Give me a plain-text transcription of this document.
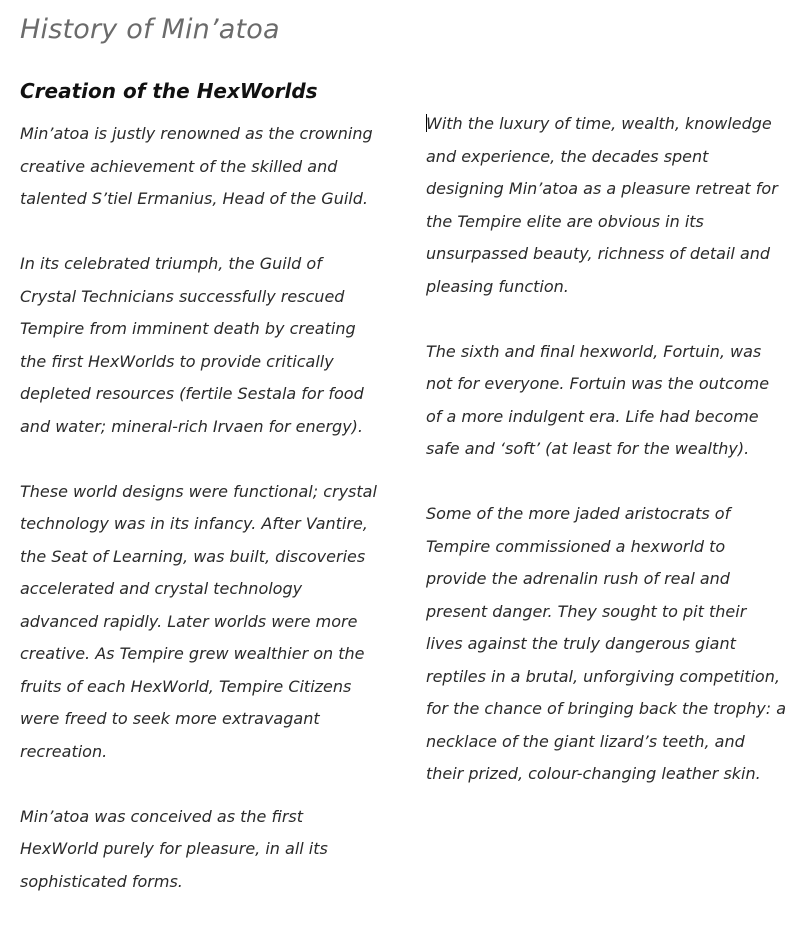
History of Min’atoa
Creation of the HexWorlds

Min’atoa is justly renowned as the crowning creative achievement of the skilled and talented S’tiel Ermanius, Head of the Guild.

In its celebrated triumph, the Guild of Crystal Technicians successfully rescued Tempire from imminent death by creating the first HexWorlds to provide critically depleted resources (fertile Sestala for food and water; mineral-rich Irvaen for energy).

These world designs were functional; crystal technology was in its infancy. After Vantire, the Seat of Learning, was built, discoveries accelerated and crystal technology advanced rapidly. Later worlds were more creative. As Tempire grew wealthier on the fruits of each HexWorld, Tempire Citizens were freed to seek more extravagant recreation.

Min’atoa was conceived as the first HexWorld purely for pleasure, in all its sophisticated forms.

With the luxury of time, wealth, knowledge and experience, the decades spent designing Min’atoa as a pleasure retreat for the Tempire elite are obvious in its unsurpassed beauty, richness of detail and pleasing function.

The sixth and final hexworld, Fortuin, was not for everyone. Fortuin was the outcome of a more indulgent era. Life had become safe and ‘soft’ (at least for the wealthy).

Some of the more jaded aristocrats of Tempire commissioned a hexworld to provide the adrenalin rush of real and present danger. They sought to pit their lives against the truly dangerous giant reptiles in a brutal, unforgiving competition, for the chance of bringing back the trophy: a necklace of the giant lizard’s teeth, and their prized, colour-changing leather skin.
